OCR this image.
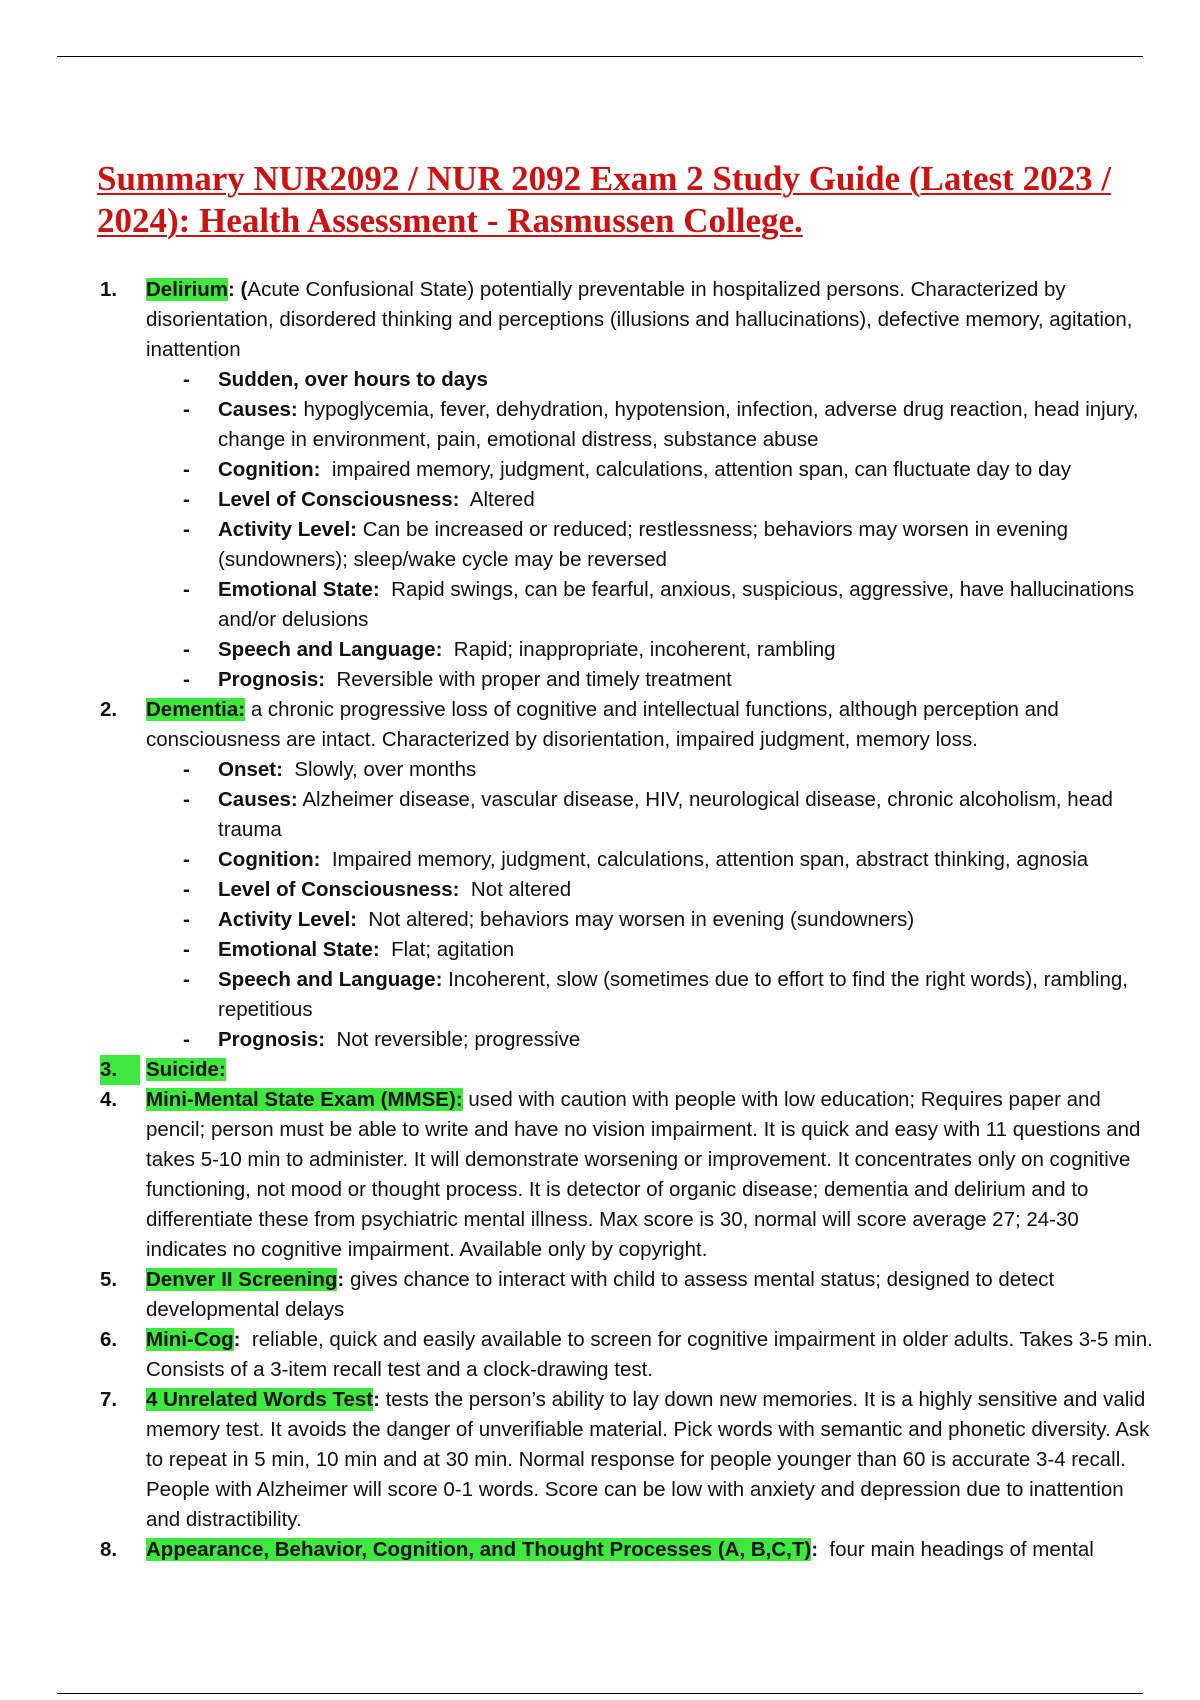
Summary NUR2092 / NUR 2092 Exam 2 Study Guide (Latest 2023 / 2024): Health Assessment - Rasmussen College.
1.	Delirium: (Acute Confusional State) potentially preventable in hospitalized persons. Characterized by disorientation, disordered thinking and perceptions (illusions and hallucinations), defective memory, agitation, inattention
- Sudden, over hours to days
- Causes: hypoglycemia, fever, dehydration, hypotension, infection, adverse drug reaction, head injury, change in environment, pain, emotional distress, substance abuse
- Cognition:  impaired memory, judgment, calculations, attention span, can fluctuate day to day
- Level of Consciousness:  Altered
- Activity Level: Can be increased or reduced; restlessness; behaviors may worsen in evening (sundowners); sleep/wake cycle may be reversed
- Emotional State:  Rapid swings, can be fearful, anxious, suspicious, aggressive, have hallucinations and/or delusions
- Speech and Language:  Rapid; inappropriate, incoherent, rambling
- Prognosis:  Reversible with proper and timely treatment
2.	Dementia: a chronic progressive loss of cognitive and intellectual functions, although perception and consciousness are intact. Characterized by disorientation, impaired judgment, memory loss.
- Onset:  Slowly, over months
- Causes: Alzheimer disease, vascular disease, HIV, neurological disease, chronic alcoholism, head trauma
- Cognition:  Impaired memory, judgment, calculations, attention span, abstract thinking, agnosia
- Level of Consciousness:  Not altered
- Activity Level:  Not altered; behaviors may worsen in evening (sundowners)
- Emotional State:  Flat; agitation
- Speech and Language: Incoherent, slow (sometimes due to effort to find the right words), rambling, repetitious
- Prognosis:  Not reversible; progressive
3.	Suicide:
4.	Mini-Mental State Exam (MMSE): used with caution with people with low education; Requires paper and pencil; person must be able to write and have no vision impairment. It is quick and easy with 11 questions and takes 5-10 min to administer. It will demonstrate worsening or improvement. It concentrates only on cognitive functioning, not mood or thought process. It is detector of organic disease; dementia and delirium and to differentiate these from psychiatric mental illness. Max score is 30, normal will score average 27; 24-30 indicates no cognitive impairment. Available only by copyright.
5.	Denver II Screening: gives chance to interact with child to assess mental status; designed to detect developmental delays
6.	Mini-Cog:  reliable, quick and easily available to screen for cognitive impairment in older adults. Takes 3-5 min. Consists of a 3-item recall test and a clock-drawing test.
7.	4 Unrelated Words Test: tests the person’s ability to lay down new memories. It is a highly sensitive and valid memory test. It avoids the danger of unverifiable material. Pick words with semantic and phonetic diversity. Ask to repeat in 5 min, 10 min and at 30 min. Normal response for people younger than 60 is accurate 3-4 recall. People with Alzheimer will score 0-1 words. Score can be low with anxiety and depression due to inattention and distractibility.
8.	Appearance, Behavior, Cognition, and Thought Processes (A, B,C,T):  four main headings of mental
